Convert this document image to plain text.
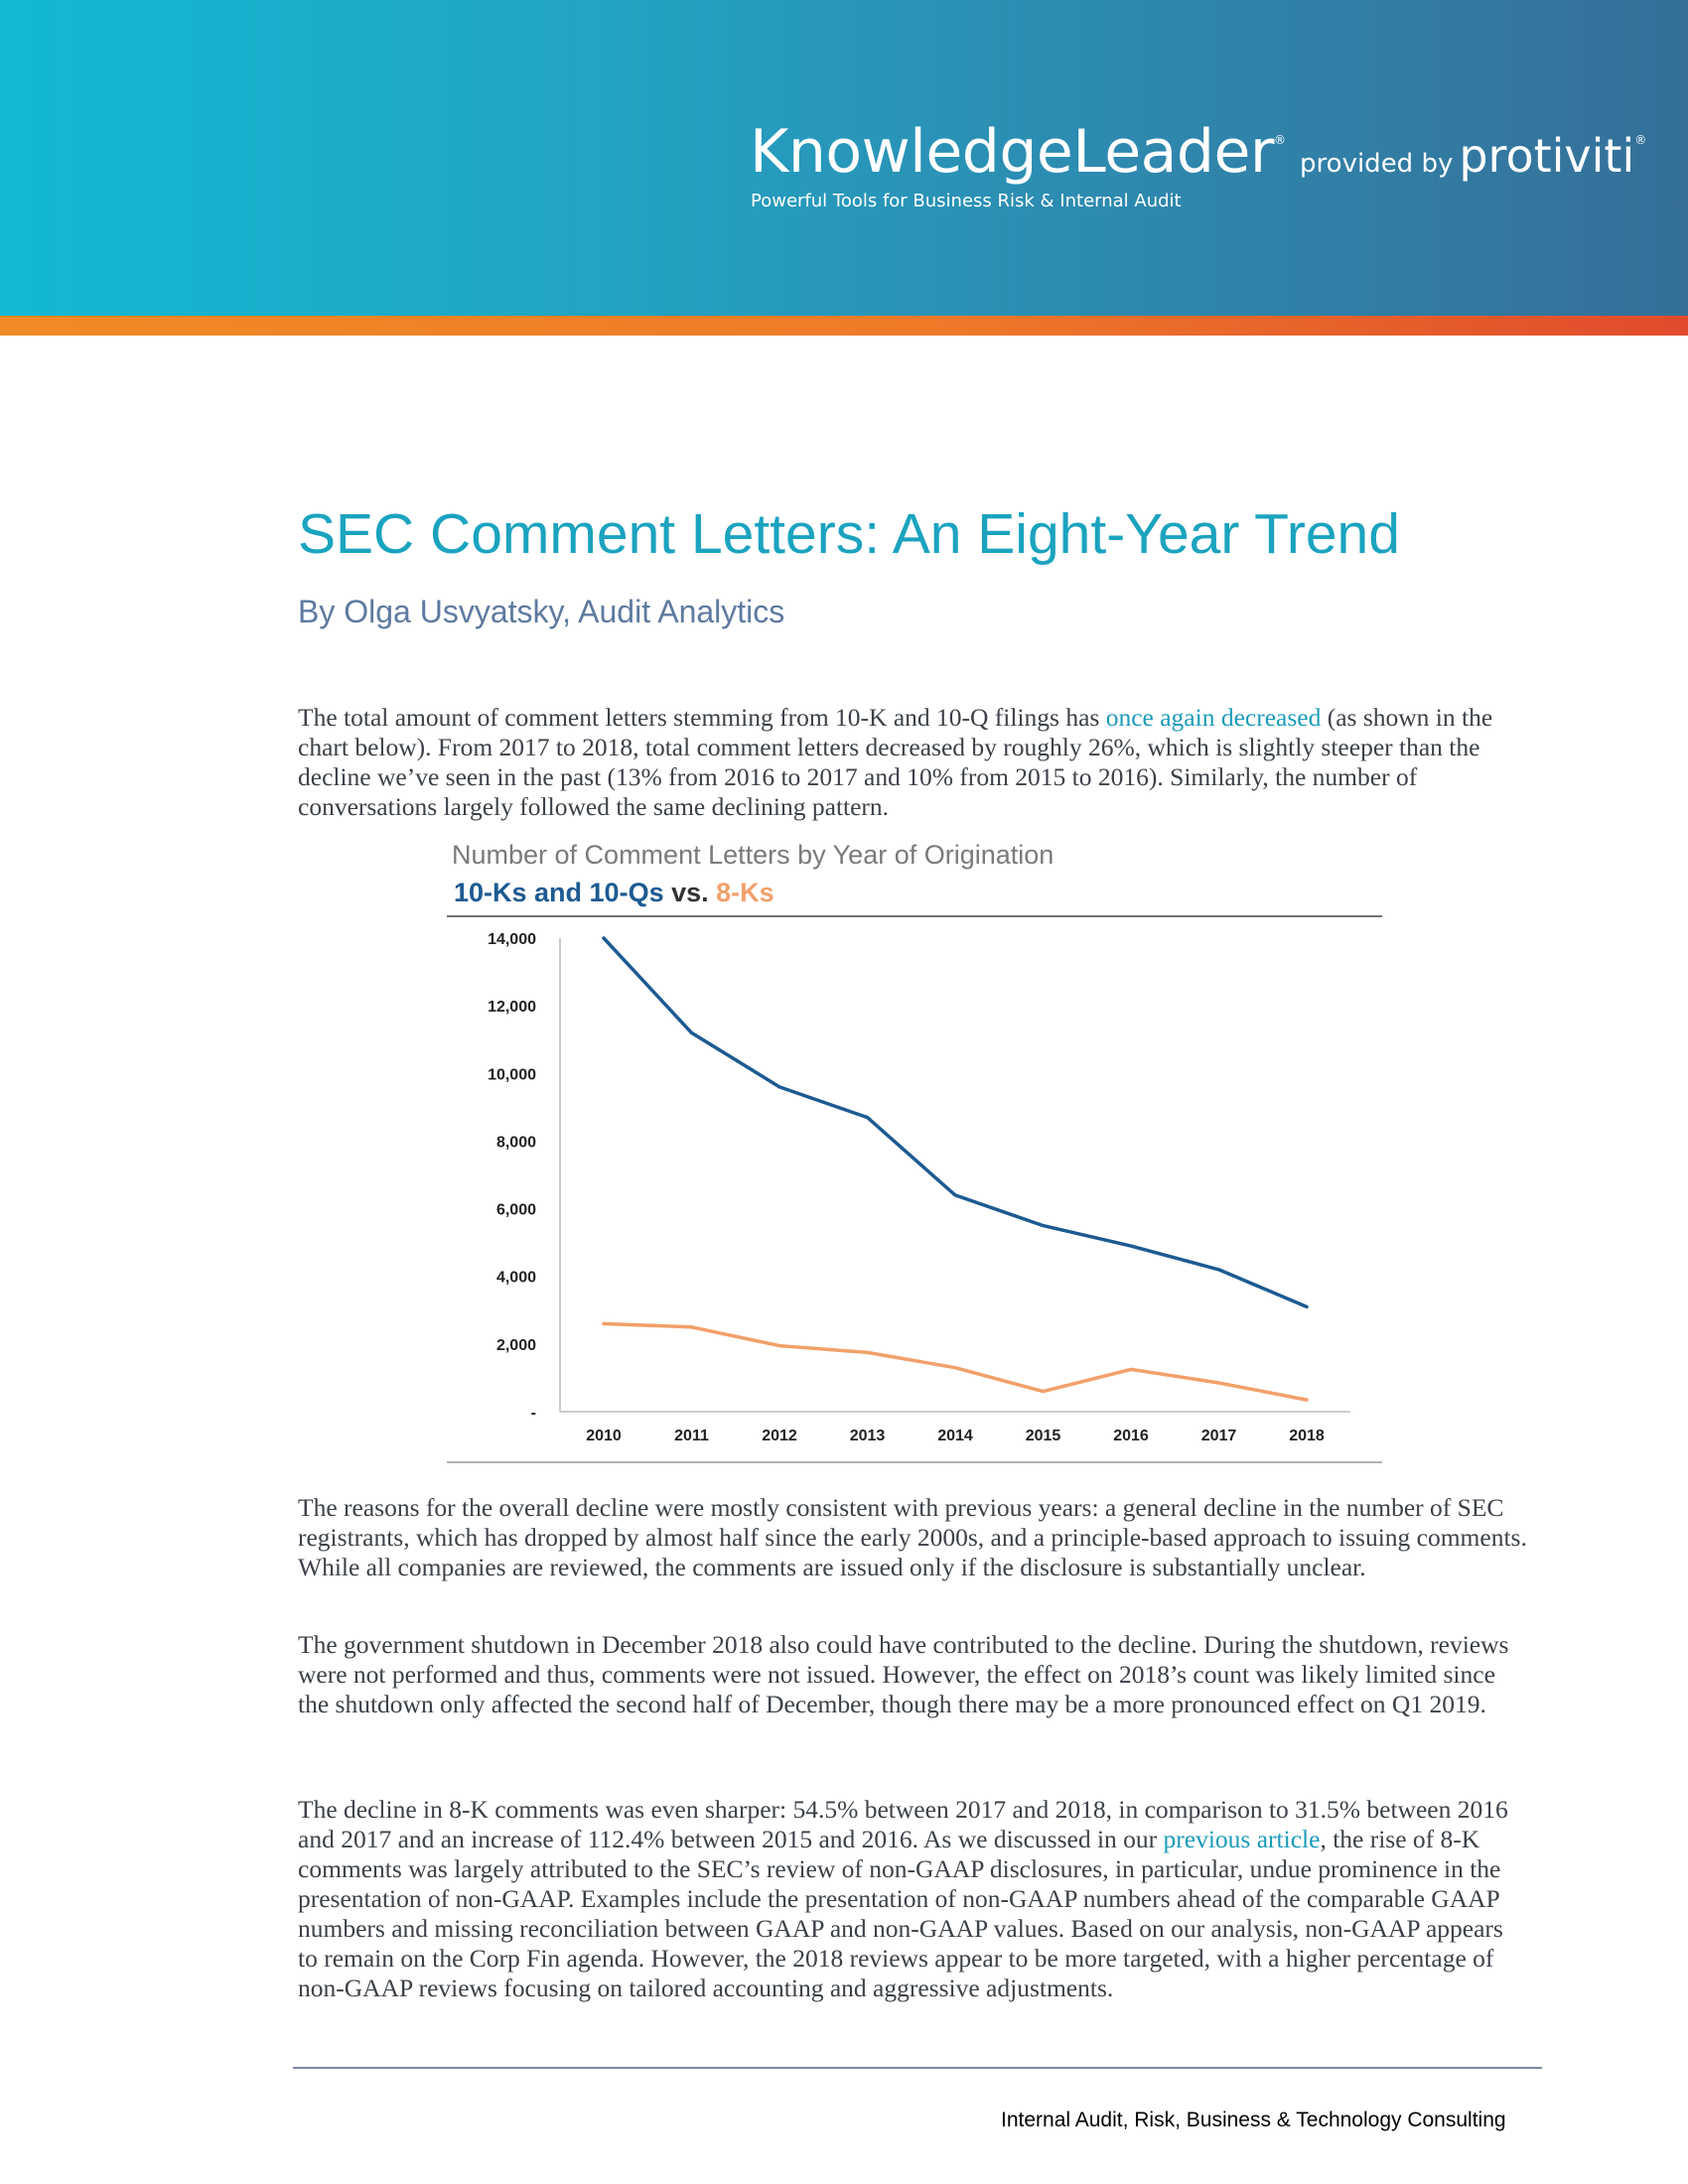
KnowledgeLeader®provided by protiviti®
Powerful Tools for Business Risk & Internal Audit
SEC Comment Letters: An Eight-Year Trend
By Olga Usvyatsky, Audit Analytics

The total amount of comment letters stemming from 10-K and 10-Q filings has once again decreased (as shown in the chart below). From 2017 to 2018, total comment letters decreased by roughly 26%, which is slightly steeper than the decline we’ve seen in the past (13% from 2016 to 2017 and 10% from 2015 to 2016). Similarly, the number of conversations largely followed the same declining pattern.

Number of Comment Letters by Year of Origination
10-Ks and 10-Qs vs. 8-Ks
14,000
12,000
10,000
8,000
6,000
4,000
2,000
-
2010	2011	2012	2013	2014	2015	2016	2017	2018

The reasons for the overall decline were mostly consistent with previous years: a general decline in the number of SEC registrants, which has dropped by almost half since the early 2000s, and a principle-based approach to issuing comments. While all companies are reviewed, the comments are issued only if the disclosure is substantially unclear.

The government shutdown in December 2018 also could have contributed to the decline. During the shutdown, reviews were not performed and thus, comments were not issued. However, the effect on 2018’s count was likely limited since the shutdown only affected the second half of December, though there may be a more pronounced effect on Q1 2019.

The decline in 8-K comments was even sharper: 54.5% between 2017 and 2018, in comparison to 31.5% between 2016 and 2017 and an increase of 112.4% between 2015 and 2016. As we discussed in our previous article, the rise of 8-K comments was largely attributed to the SEC’s review of non-GAAP disclosures, in particular, undue prominence in the presentation of non-GAAP. Examples include the presentation of non-GAAP numbers ahead of the comparable GAAP numbers and missing reconciliation between GAAP and non-GAAP values. Based on our analysis, non-GAAP appears to remain on the Corp Fin agenda. However, the 2018 reviews appear to be more targeted, with a higher percentage of non-GAAP reviews focusing on tailored accounting and aggressive adjustments.

Internal Audit, Risk, Business & Technology Consulting
